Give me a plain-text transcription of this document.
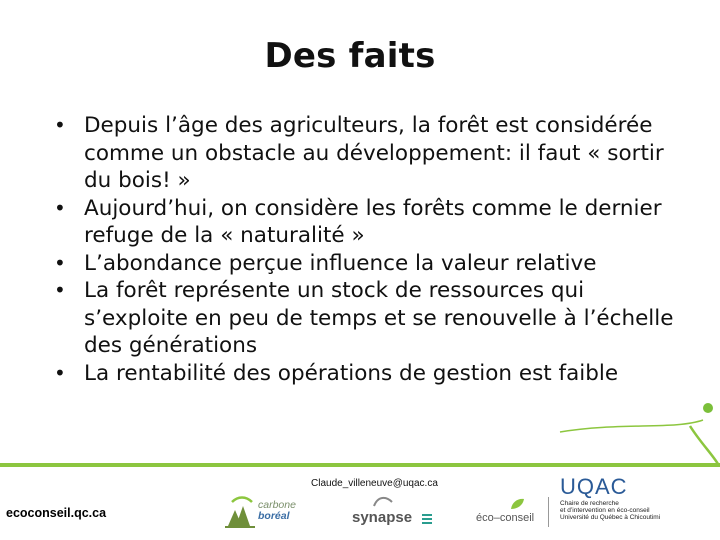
Des faits
• Depuis l’âge des agriculteurs, la forêt est considérée comme un obstacle au développement: il faut « sortir du bois! »
• Aujourd’hui, on considère les forêts comme le dernier refuge de la « naturalité »
• L’abondance perçue influence la valeur relative
• La forêt représente un stock de ressources qui s’exploite en peu de temps et se renouvelle à l’échelle des générations
• La rentabilité des opérations de gestion est faible
Claude_villeneuve@uqac.ca
ecoconseil.qc.ca
carbone
boréal	synapse	éco–conseil
UQAC
Chaire de recherche
et d’intervention en éco-conseil
Université du Québec à Chicoutimi
